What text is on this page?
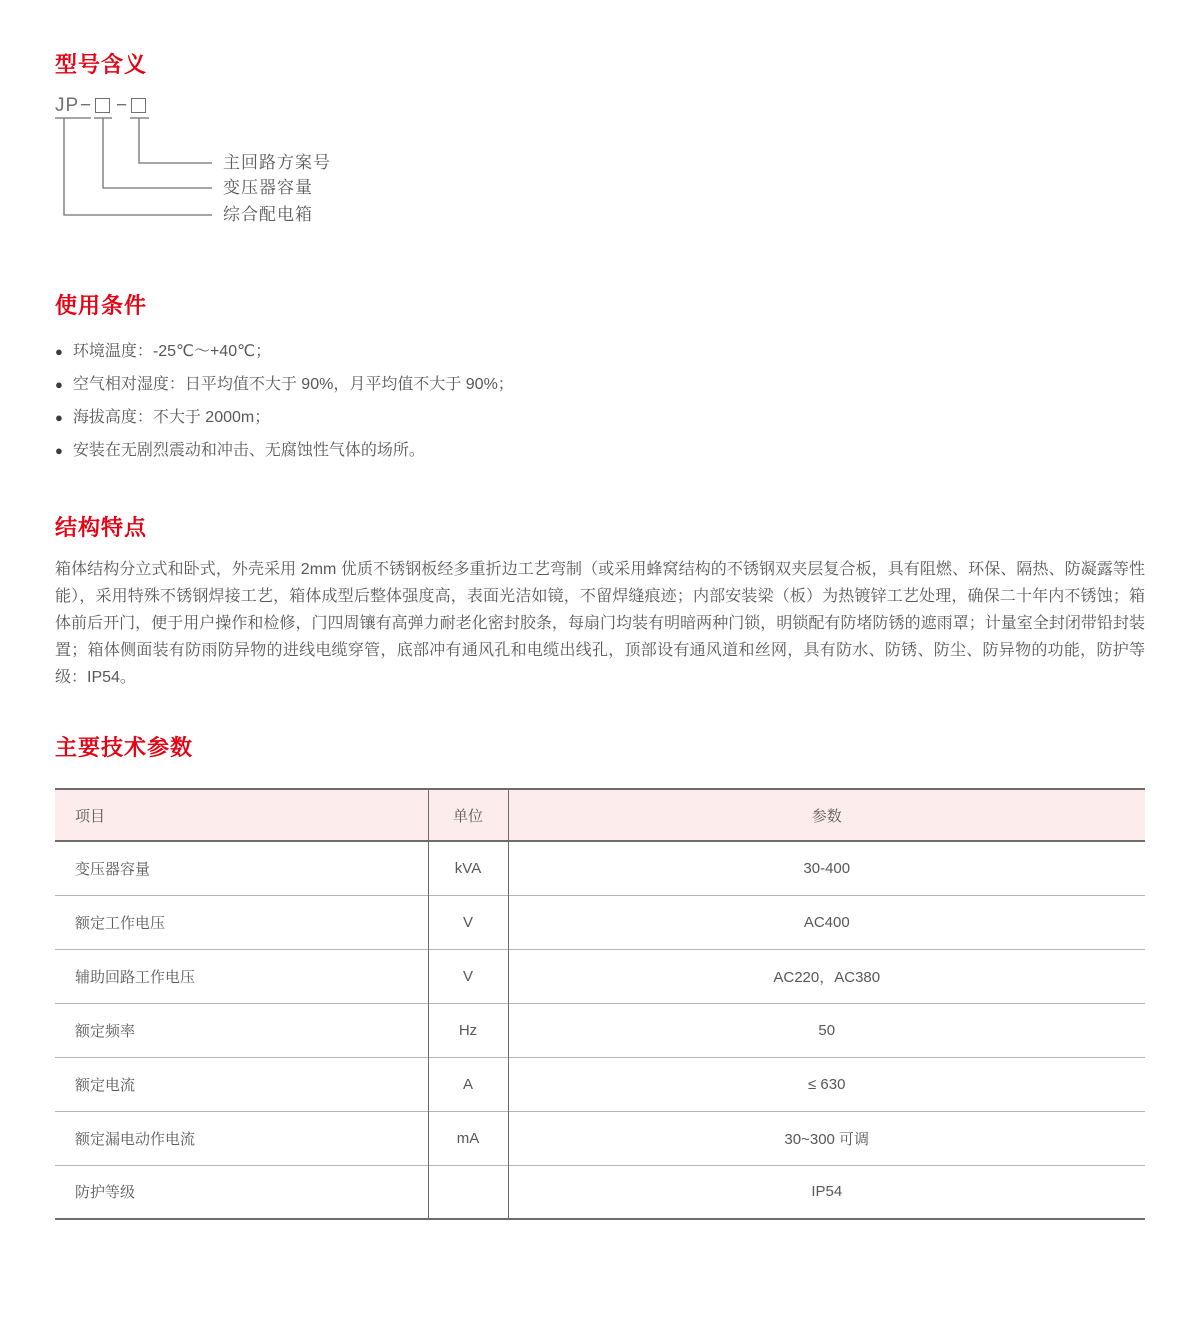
型号含义
JP − −
主回路方案号
变压器容量
综合配电箱
使用条件
● 环境温度：-25℃～+40℃；
● 空气相对湿度：日平均值不大于 90%，月平均值不大于 90%；
● 海拔高度：不大于 2000m；
● 安装在无剧烈震动和冲击、无腐蚀性气体的场所。
结构特点

箱体结构分立式和卧式，外壳采用 2mm 优质不锈钢板经多重折边工艺弯制（或采用蜂窝结构的不锈钢双夹层复合板，具有阻燃、环保、隔热、防凝露等性能），采用特殊不锈钢焊接工艺，箱体成型后整体强度高，表面光洁如镜，不留焊缝痕迹；内部安装梁（板）为热镀锌工艺处理，确保二十年内不锈蚀；箱体前后开门，便于用户操作和检修，门四周镶有高弹力耐老化密封胶条，每扇门均装有明暗两种门锁，明锁配有防堵防锈的遮雨罩；计量室全封闭带铅封装置；箱体侧面装有防雨防异物的进线电缆穿管，底部冲有通风孔和电缆出线孔，顶部设有通风道和丝网，具有防水、防锈、防尘、防异物的功能，防护等级：IP54。

主要技术参数
项目	单位	参数
变压器容量	kVA	30-400
额定工作电压	V	AC400
辅助回路工作电压	V	AC220，AC380
额定频率	Hz	50
额定电流	A	≤ 630
额定漏电动作电流	mA	30~300 可调
防护等级		IP54
